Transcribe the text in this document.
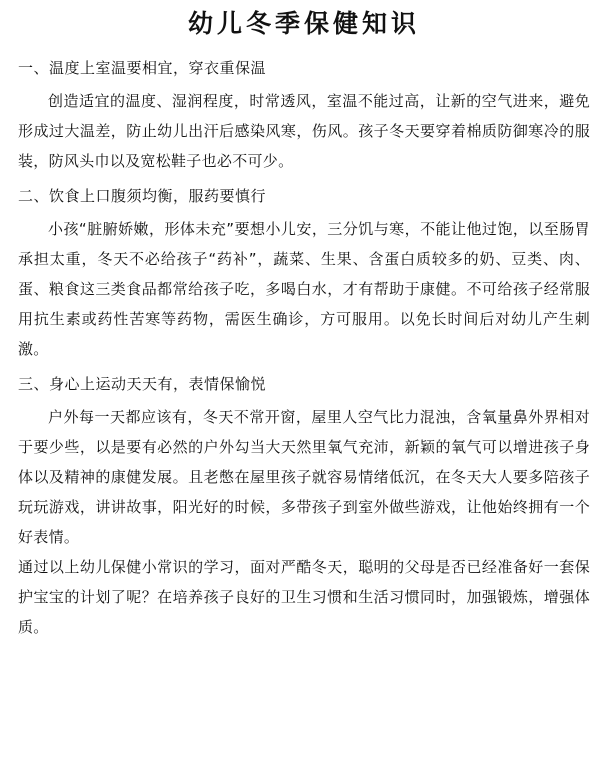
幼儿冬季保健知识
一、温度上室温要相宜，穿衣重保温

创造适宜的温度、湿润程度，时常透风，室温不能过高，让新的空气进来，避免形成过大温差，防止幼儿出汗后感染风寒，伤风。孩子冬天要穿着棉质防御寒冷的服装，防风头巾以及宽松鞋子也必不可少。

二、饮食上口腹须均衡，服药要慎行

小孩“脏腑娇嫩，形体未充”要想小儿安，三分饥与寒，不能让他过饱，以至肠胃承担太重，冬天不必给孩子“药补”，蔬菜、生果、含蛋白质较多的奶、豆类、肉、蛋、粮食这三类食品都常给孩子吃，多喝白水，才有帮助于康健。不可给孩子经常服用抗生素或药性苦寒等药物，需医生确诊，方可服用。以免长时间后对幼儿产生刺激。

三、身心上运动天天有，表情保愉悦

户外每一天都应该有，冬天不常开窗，屋里人空气比力混浊，含氧量鼻外界相对于要少些，以是要有必然的户外勾当大天然里氧气充沛，新颖的氧气可以增进孩子身体以及精神的康健发展。且老憋在屋里孩子就容易情绪低沉，在冬天大人要多陪孩子玩玩游戏，讲讲故事，阳光好的时候，多带孩子到室外做些游戏，让他始终拥有一个好表情。

通过以上幼儿保健小常识的学习，面对严酷冬天，聪明的父母是否已经准备好一套保护宝宝的计划了呢？在培养孩子良好的卫生习惯和生活习惯同时，加强锻炼，增强体质。
